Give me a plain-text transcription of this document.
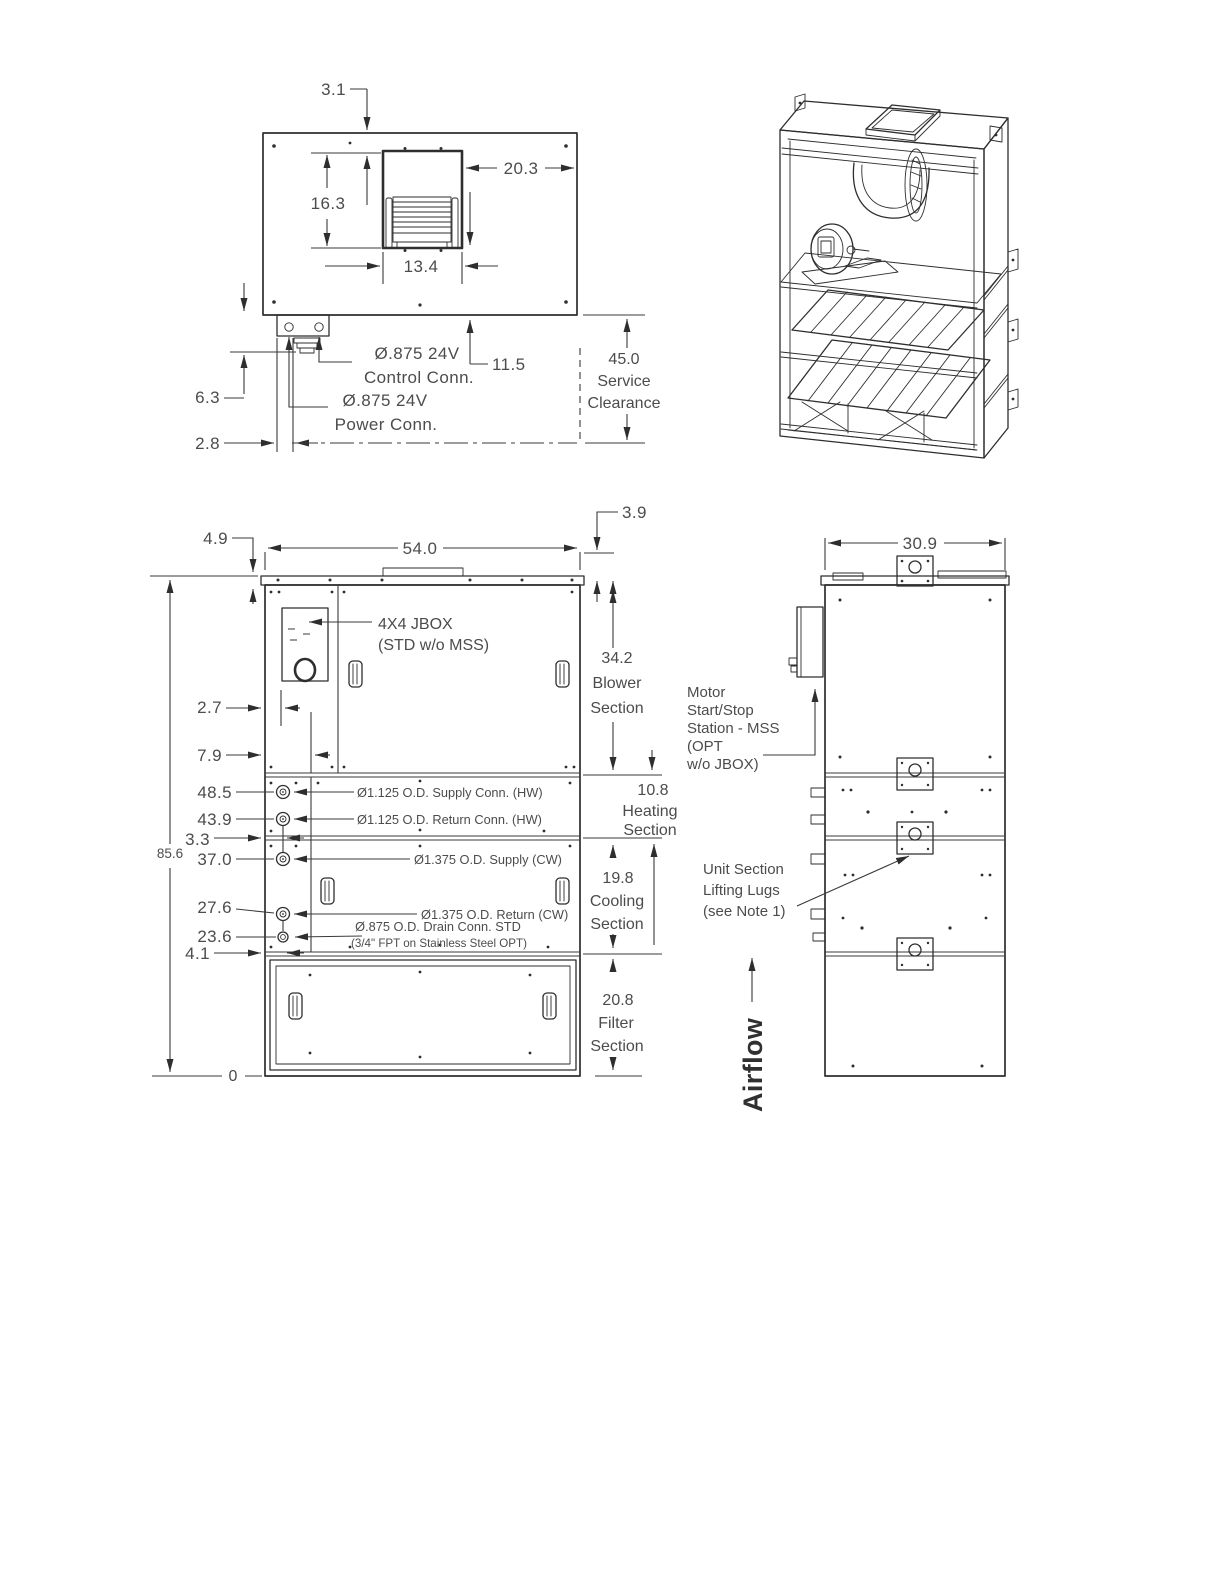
3.1
16.3
20.3
13.4
11.5
Ø.875 24V
Control Conn.
Ø.875 24V
Power Conn.
6.3
2.8
45.0
Service
Clearance
Ø1.125 O.D. Supply Conn. (HW)
Ø1.125 O.D. Return Conn. (HW)
Ø1.375 O.D. Supply (CW)
Ø1.375 O.D. Return (CW)
Ø.875 O.D. Drain Conn. STD
(3/4" FPT on Stainless Steel OPT)
48.5
43.9
3.3
85.6 37.0
27.6
23.6
4.1
0
2.7
7.9
4X4 JBOX
(STD w/o MSS)
4.9
54.0
3.9
34.2
Blower
Section
10.8
Heating
Section
19.8
Cooling
Section
20.8
Filter
Section
30.9
Motor
Start/Stop
Station - MSS
(OPT
w/o JBOX)
Unit Section
Lifting Lugs
(see Note 1)
Airflow
